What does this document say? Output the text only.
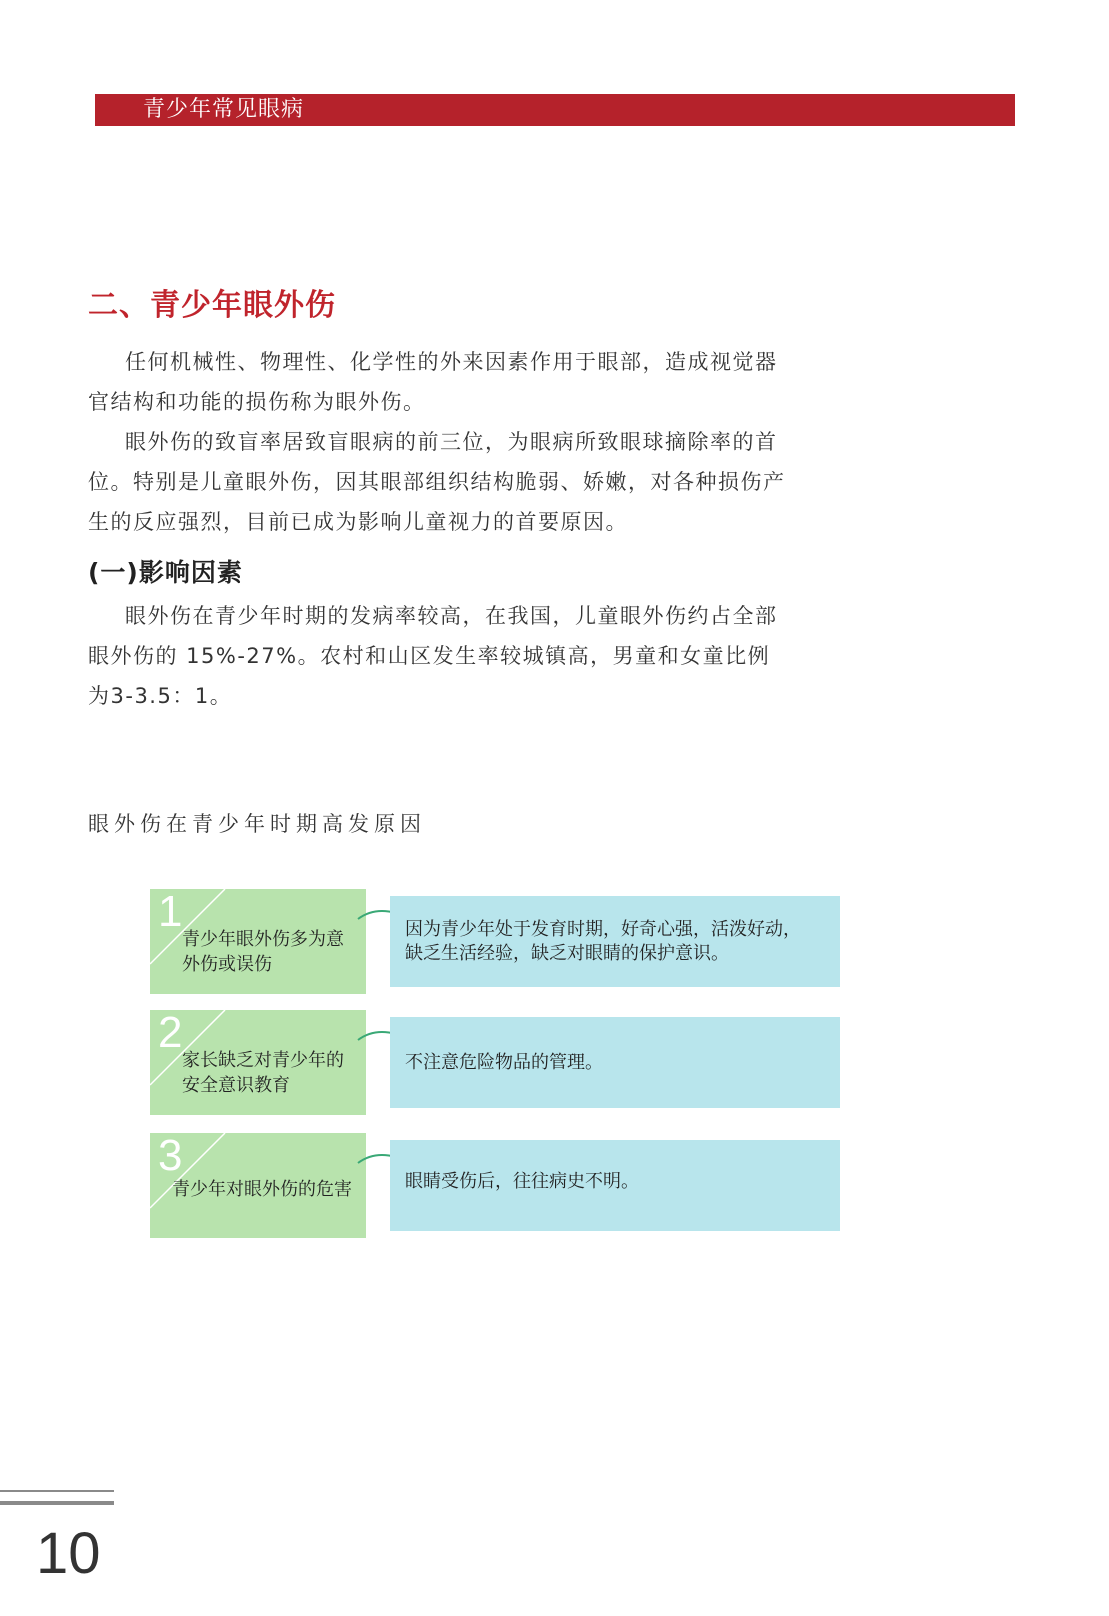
青少年常见眼病
二、青少年眼外伤

任何机械性、物理性、化学性的外来因素作用于眼部，造成视觉器官结构和功能的损伤称为眼外伤。

眼外伤的致盲率居致盲眼病的前三位，为眼病所致眼球摘除率的首位。特别是儿童眼外伤，因其眼部组织结构脆弱、娇嫩，对各种损伤产生的反应强烈，目前已成为影响儿童视力的首要原因。

(一)影响因素

眼外伤在青少年时期的发病率较高，在我国，儿童眼外伤约占全部眼外伤的 15%-27%。农村和山区发生率较城镇高，男童和女童比例为3-3.5：1。

眼外伤在青少年时期高发原因
1
青少年眼外伤多为意
外伤或误伤
因为青少年处于发育时期，好奇心强，活泼好动，
缺乏生活经验，缺乏对眼睛的保护意识。
2
家长缺乏对青少年的
安全意识教育
不注意危险物品的管理。
3
青少年对眼外伤的危害	眼睛受伤后，往往病史不明。
10
